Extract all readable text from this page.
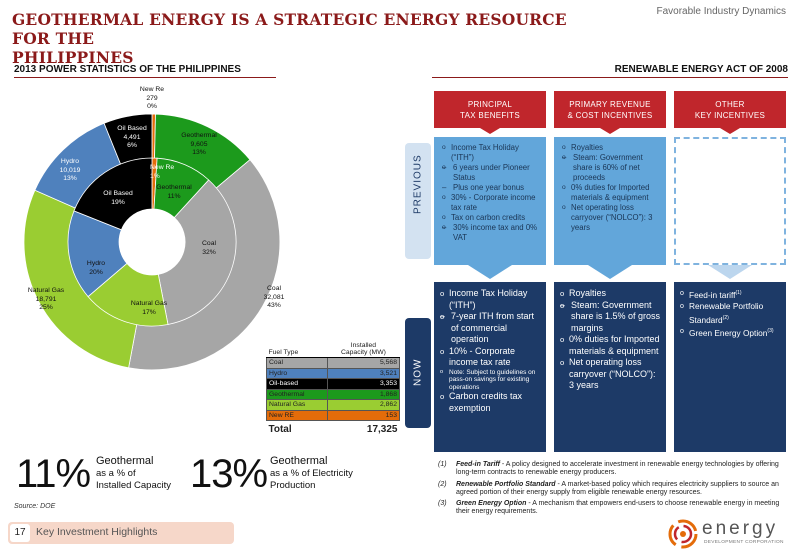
GEOTHERMAL ENERGY IS A STRATEGIC ENERGY RESOURCE FOR THE
PHILIPPINES
Favorable Industry Dynamics
2013 POWER STATISTICS OF THE PHILIPPINES
New Re
279
0%
Geothermal
9,605
13%
Coal
32,081
43%
Natural Gas
18,791
25%
Hydro
10,019
13%
Oil Based
4,491
6%
New Re
1%
Geothermal
11%
Coal
32%
Natural Gas
17%
Hydro
20%
Oil Based
19%
Fuel Type	Installed
Capacity (MW)

Coal	5,568
Hydro	3,521
Oil-based	3,353
Geothermal	1,868
Natural Gas	2,862
New RE	153
Total	17,325
11% Geothermal
as a % of
Installed Capacity 13% Geothermal
as a % of Electricity
Production
Source: DOE
17 Key Investment Highlights
RENEWABLE ENERGY ACT OF 2008
PRINCIPAL
TAX BENEFITS
PRIMARY REVENUE
& COST INCENTIVES
OTHER
KEY INCENTIVES
PREVIOUS
NOW
o Income Tax Holiday (“ITH”)
– o 6 years under Pioneer Status
– Plus one year bonus
o 30% - Corporate income tax rate
o Tax on carbon credits
– o 30% income tax and 0% VAT
o Royalties
– o Steam: Government share is 60% of net proceeds
o 0% duties for Imported materials & equipment
o Net operating loss carryover (“NOLCO”): 3 years
o Income Tax Holiday (“ITH”)
– o 7-year ITH from start of commercial operation
o 10% - Corporate income tax rate
o Note: Subject to guidelines on pass-on savings for existing operations
o Carbon credits tax exemption
o Royalties
– o Steam: Government share is 1.5% of gross margins
o 0% duties for Imported materials & equipment
o Net operating loss carryover (“NOLCO”): 3 years
o Feed-in tariff$^{(1)}$
o Renewable Portfolio Standard$^{(2)}$
o Green Energy Option$^{(3)}$
(1)	Feed-in Tariff - A policy designed to accelerate investment in renewable energy technologies by offering long-term contracts to renewable energy producers.
(2)	Renewable Portfolio Standard - A market-based policy which requires electricity suppliers to source an agreed portion of their energy supply from eligible renewable energy resources.
(3)	Green Energy Option - A mechanism that empowers end-users to choose renewable energy in meeting their energy requirements.
energy
DEVELOPMENT CORPORATION
